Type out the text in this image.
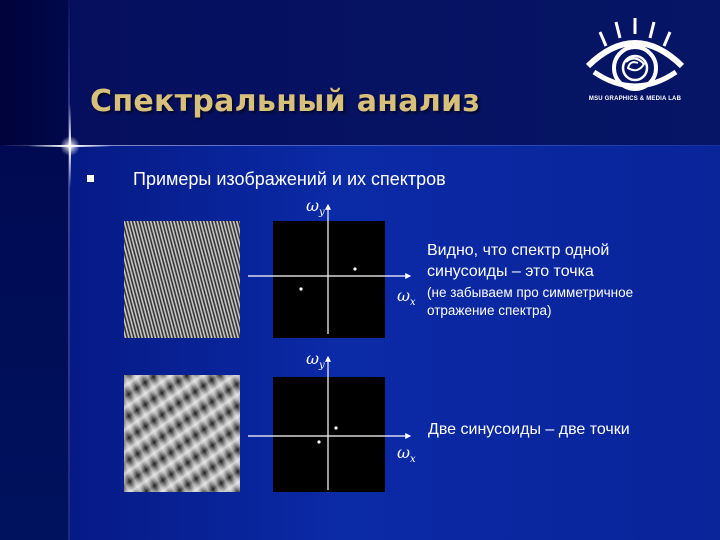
Спектральный анализ	MSU GRAPHICS & MEDIA LAB
Примеры изображений и их спектров
$\omega_y$
$\omega_x$
$\omega_y$
$\omega_x$
Видно, что спектр одной
синусоиды – это точка
(не забываем про симметричное
отражение спектра)
Две синусоиды – две точки
